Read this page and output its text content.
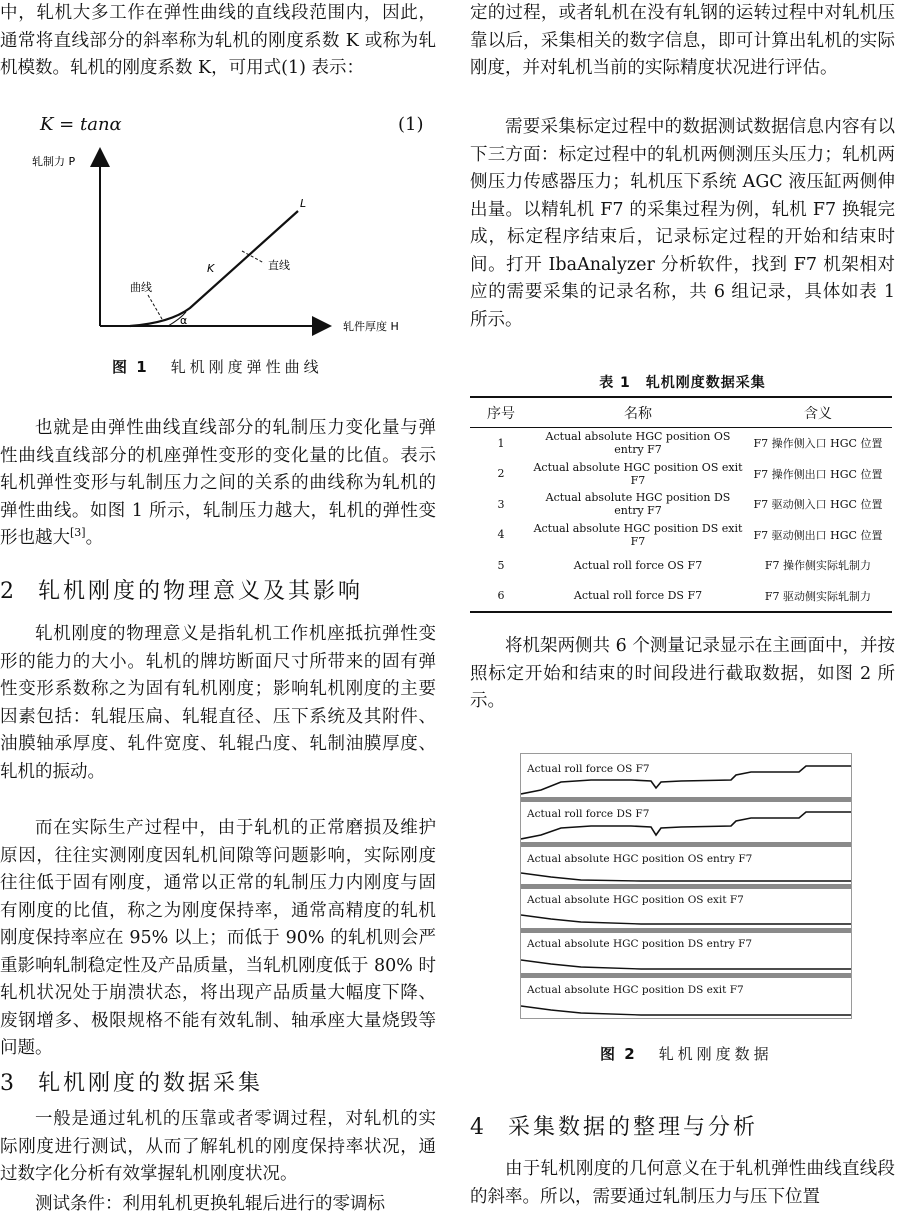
中，轧机大多工作在弹性曲线的直线段范围内，因此，通常将直线部分的斜率称为轧机的刚度系数 K 或称为轧机模数。轧机的刚度系数 K，可用式(1) 表示：

K = tanα	(1)
轧制力 P
轧件厚度 H
L
K	直线
曲线
α
图 1 轧机刚度弹性曲线

也就是由弹性曲线直线部分的轧制压力变化量与弹性曲线直线部分的机座弹性变形的变化量的比值。表示轧机弹性变形与轧制压力之间的关系的曲线称为轧机的弹性曲线。如图 1 所示，轧制压力越大，轧机的弹性变形也越大[3]。

2 轧机刚度的物理意义及其影响

轧机刚度的物理意义是指轧机工作机座抵抗弹性变形的能力的大小。轧机的牌坊断面尺寸所带来的固有弹性变形系数称之为固有轧机刚度；影响轧机刚度的主要因素包括：轧辊压扁、轧辊直径、压下系统及其附件、油膜轴承厚度、轧件宽度、轧辊凸度、轧制油膜厚度、轧机的振动。

而在实际生产过程中，由于轧机的正常磨损及维护原因，往往实测刚度因轧机间隙等问题影响，实际刚度往往低于固有刚度，通常以正常的轧制压力内刚度与固有刚度的比值，称之为刚度保持率，通常高精度的轧机刚度保持率应在 95% 以上；而低于 90% 的轧机则会严重影响轧制稳定性及产品质量，当轧机刚度低于 80% 时轧机状况处于崩溃状态，将出现产品质量大幅度下降、废钢增多、极限规格不能有效轧制、轴承座大量烧毁等问题。

3 轧机刚度的数据采集

一般是通过轧机的压靠或者零调过程，对轧机的实际刚度进行测试，从而了解轧机的刚度保持率状况，通过数字化分析有效掌握轧机刚度状况。

测试条件：利用轧机更换轧辊后进行的零调标

定的过程，或者轧机在没有轧钢的运转过程中对轧机压靠以后，采集相关的数字信息，即可计算出轧机的实际刚度，并对轧机当前的实际精度状况进行评估。

需要采集标定过程中的数据测试数据信息内容有以下三方面：标定过程中的轧机两侧测压头压力；轧机两侧压力传感器压力；轧机压下系统 AGC 液压缸两侧伸出量。以精轧机 F7 的采集过程为例，轧机 F7 换辊完成，标定程序结束后，记录标定过程的开始和结束时间。打开 IbaAnalyzer 分析软件，找到 F7 机架相对应的需要采集的记录名称，共 6 组记录，具体如表 1 所示。

表 1　轧机刚度数据采集
序号	名称	含义
1	Actual absolute HGC position OS entry F7	F7 操作侧入口 HGC 位置
2	Actual absolute HGC position OS exit F7	F7 操作侧出口 HGC 位置
3	Actual absolute HGC position DS entry F7	F7 驱动侧入口 HGC 位置
4	Actual absolute HGC position DS exit F7	F7 驱动侧出口 HGC 位置
5	Actual roll force OS F7	F7 操作侧实际轧制力
6	Actual roll force DS F7	F7 驱动侧实际轧制力

将机架两侧共 6 个测量记录显示在主画面中，并按照标定开始和结束的时间段进行截取数据，如图 2 所示。

Actual roll force OS F7
Actual roll force DS F7
Actual absolute HGC position OS entry F7
Actual absolute HGC position OS exit F7
Actual absolute HGC position DS entry F7
Actual absolute HGC position DS exit F7
图 2 轧机刚度数据
4 采集数据的整理与分析

由于轧机刚度的几何意义在于轧机弹性曲线直线段的斜率。所以，需要通过轧制压力与压下位置
